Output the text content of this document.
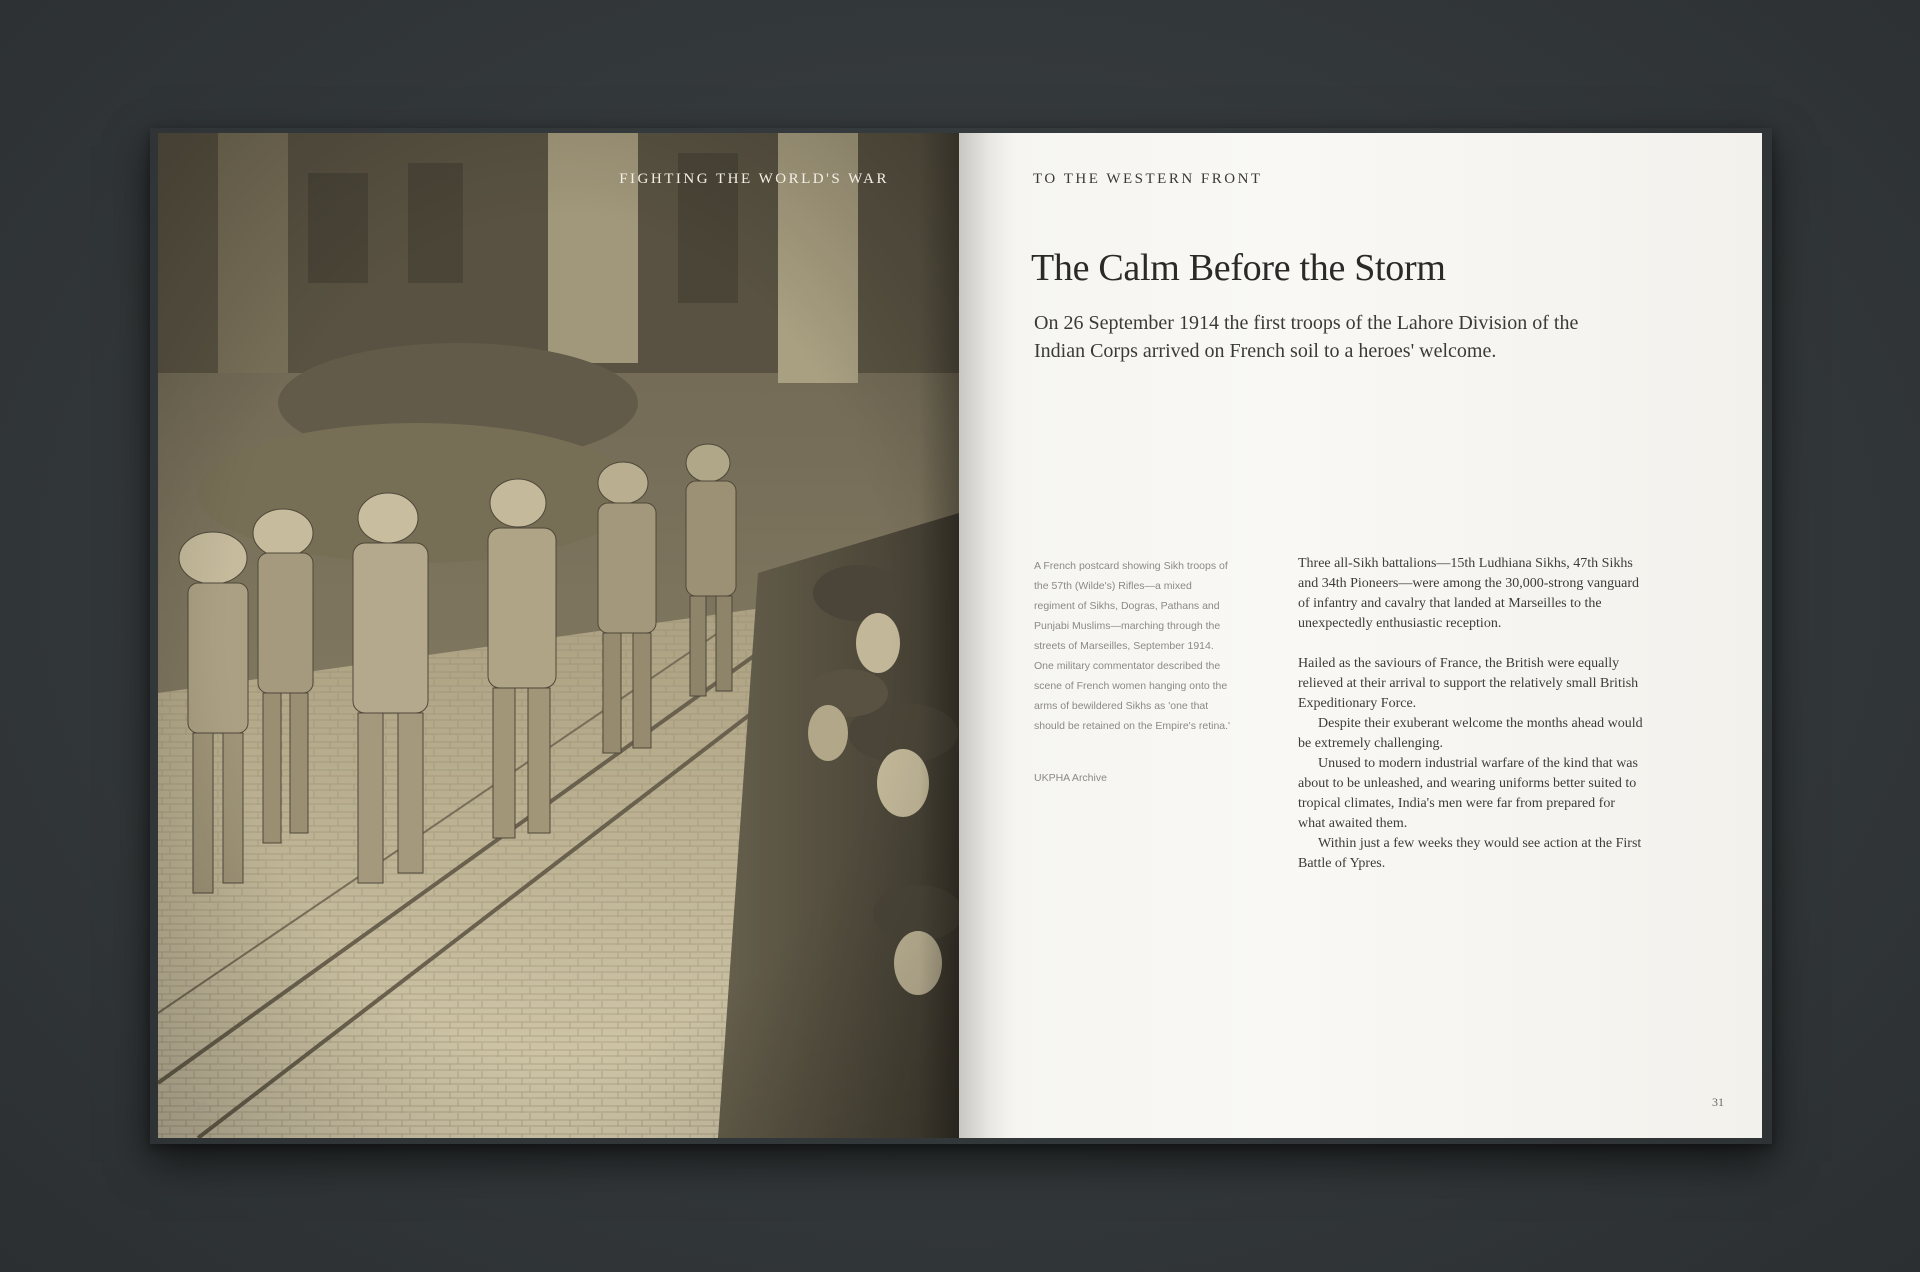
FIGHTING THE WORLD'S WAR
30
TO THE WESTERN FRONT
The Calm Before the Storm

On 26 September 1914 the first troops of the Lahore Division of the Indian Corps arrived on French soil to a heroes' welcome.

A French postcard showing Sikh troops of the 57th (Wilde's) Rifles—a mixed regiment of Sikhs, Dogras, Pathans and Punjabi Muslims—marching through the streets of Marseilles, September 1914. One military commentator described the scene of French women hanging onto the arms of bewildered Sikhs as 'one that should be retained on the Empire's retina.'

UKPHA Archive

Three all-Sikh battalions—15th Ludhiana Sikhs, 47th Sikhs and 34th Pioneers—were among the 30,000-strong vanguard of infantry and cavalry that landed at Marseilles to the unexpectedly enthusiastic reception.

Hailed as the saviours of France, the British were equally relieved at their arrival to support the relatively small British Expeditionary Force.

Despite their exuberant welcome the months ahead would be extremely challenging.

Unused to modern industrial warfare of the kind that was about to be unleashed, and wearing uniforms better suited to tropical climates, India's men were far from prepared for what awaited them.

Within just a few weeks they would see action at the First Battle of Ypres.

31
